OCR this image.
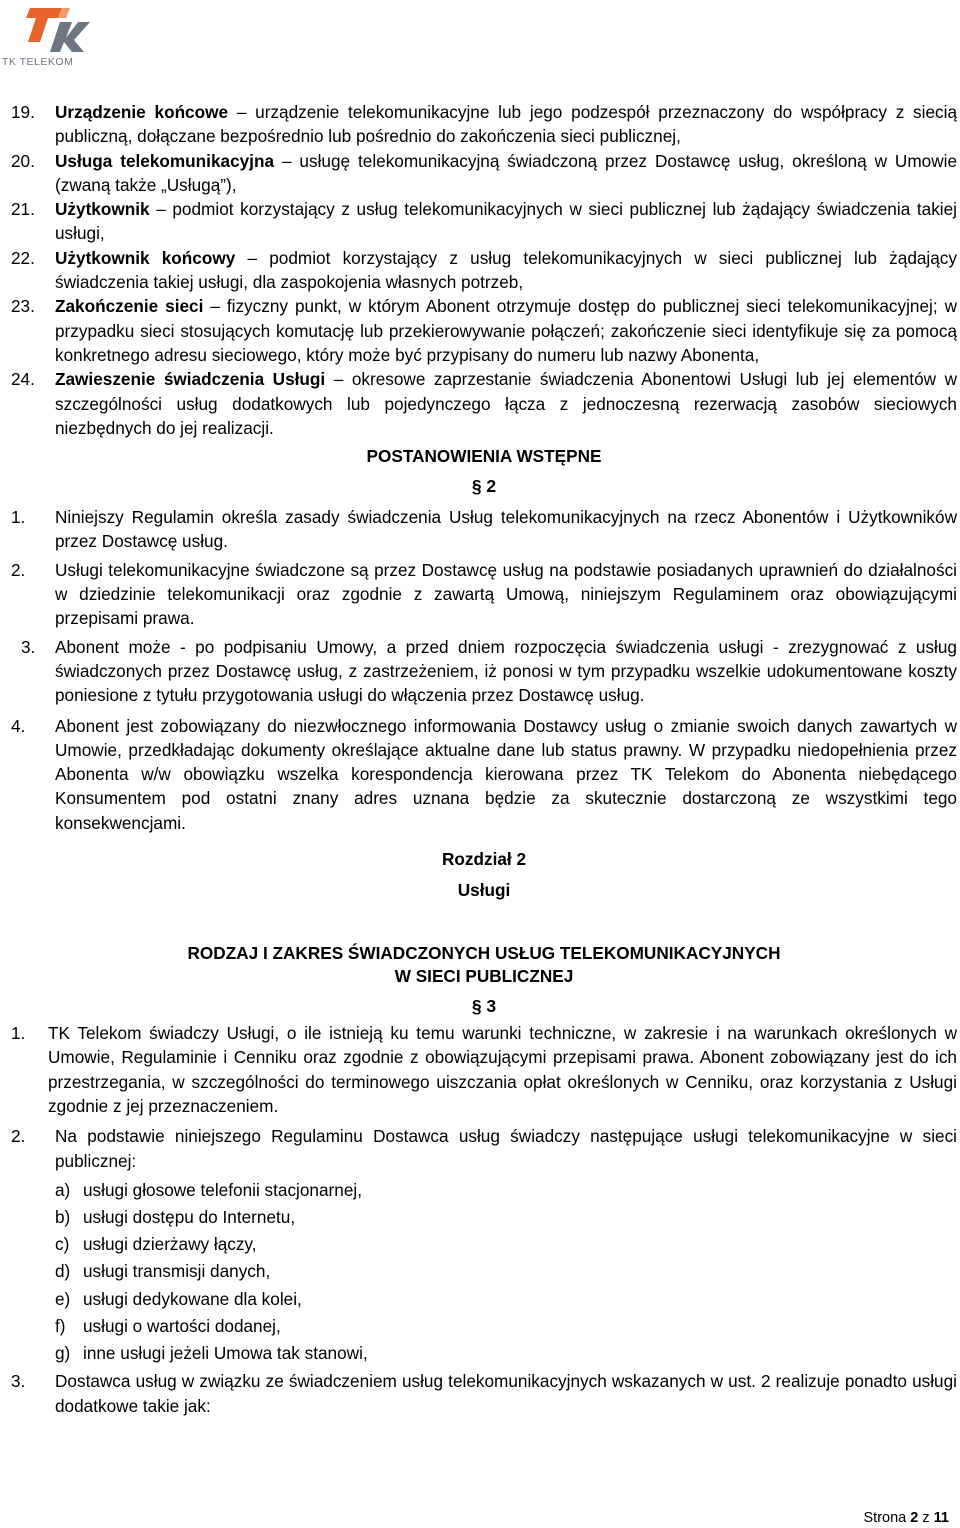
TK TELEKOM
19. Urządzenie końcowe – urządzenie telekomunikacyjne lub jego podzespół przeznaczony do współpracy z siecią publiczną, dołączane bezpośrednio lub pośrednio do zakończenia sieci publicznej,
20. Usługa telekomunikacyjna – usługę telekomunikacyjną świadczoną przez Dostawcę usług, określoną w Umowie (zwaną także „Usługą”),
21. Użytkownik – podmiot korzystający z usług telekomunikacyjnych w sieci publicznej lub żądający świadczenia takiej usługi,
22. Użytkownik końcowy – podmiot korzystający z usług telekomunikacyjnych w sieci publicznej lub żądający świadczenia takiej usługi, dla zaspokojenia własnych potrzeb,
23. Zakończenie sieci – fizyczny punkt, w którym Abonent otrzymuje dostęp do publicznej sieci telekomunikacyjnej; w przypadku sieci stosujących komutację lub przekierowywanie połączeń; zakończenie sieci identyfikuje się za pomocą konkretnego adresu sieciowego, który może być przypisany do numeru lub nazwy Abonenta,
24. Zawieszenie świadczenia Usługi – okresowe zaprzestanie świadczenia Abonentowi Usługi lub jej elementów w szczególności usług dodatkowych lub pojedynczego łącza z jednoczesną rezerwacją zasobów sieciowych niezbędnych do jej realizacji.
POSTANOWIENIA WSTĘPNE
§ 2
1. Niniejszy Regulamin określa zasady świadczenia Usług telekomunikacyjnych na rzecz Abonentów i Użytkowników przez Dostawcę usług.
2. Usługi telekomunikacyjne świadczone są przez Dostawcę usług na podstawie posiadanych uprawnień do działalności w dziedzinie telekomunikacji oraz zgodnie z zawartą Umową, niniejszym Regulaminem oraz obowiązującymi przepisami prawa.
3. Abonent może - po podpisaniu Umowy, a przed dniem rozpoczęcia świadczenia usługi - zrezygnować z usług świadczonych przez Dostawcę usług, z zastrzeżeniem, iż ponosi w tym przypadku wszelkie udokumentowane koszty poniesione z tytułu przygotowania usługi do włączenia przez Dostawcę usług.
4. Abonent jest zobowiązany do niezwłocznego informowania Dostawcy usług o zmianie swoich danych zawartych w Umowie, przedkładając dokumenty określające aktualne dane lub status prawny. W przypadku niedopełnienia przez Abonenta w/w obowiązku wszelka korespondencja kierowana przez TK Telekom do Abonenta niebędącego Konsumentem pod ostatni znany adres uznana będzie za skutecznie dostarczoną ze wszystkimi tego konsekwencjami.
Rozdział 2
Usługi
RODZAJ I ZAKRES ŚWIADCZONYCH USŁUG TELEKOMUNIKACYJNYCH
W SIECI PUBLICZNEJ
§ 3
1. TK Telekom świadczy Usługi, o ile istnieją ku temu warunki techniczne, w zakresie i na warunkach określonych w Umowie, Regulaminie i Cenniku oraz zgodnie z obowiązującymi przepisami prawa. Abonent zobowiązany jest do ich przestrzegania, w szczególności do terminowego uiszczania opłat określonych w Cenniku, oraz korzystania z Usługi zgodnie z jej przeznaczeniem.
2. Na podstawie niniejszego Regulaminu Dostawca usług świadczy następujące usługi telekomunikacyjne w sieci publicznej:
a) usługi głosowe telefonii stacjonarnej,
b) usługi dostępu do Internetu,
c) usługi dzierżawy łączy,
d) usługi transmisji danych,
e) usługi dedykowane dla kolei,
f) usługi o wartości dodanej,
g) inne usługi jeżeli Umowa tak stanowi,
3. Dostawca usług w związku ze świadczeniem usług telekomunikacyjnych wskazanych w ust. 2 realizuje ponadto usługi dodatkowe takie jak:
Strona 2 z 11
